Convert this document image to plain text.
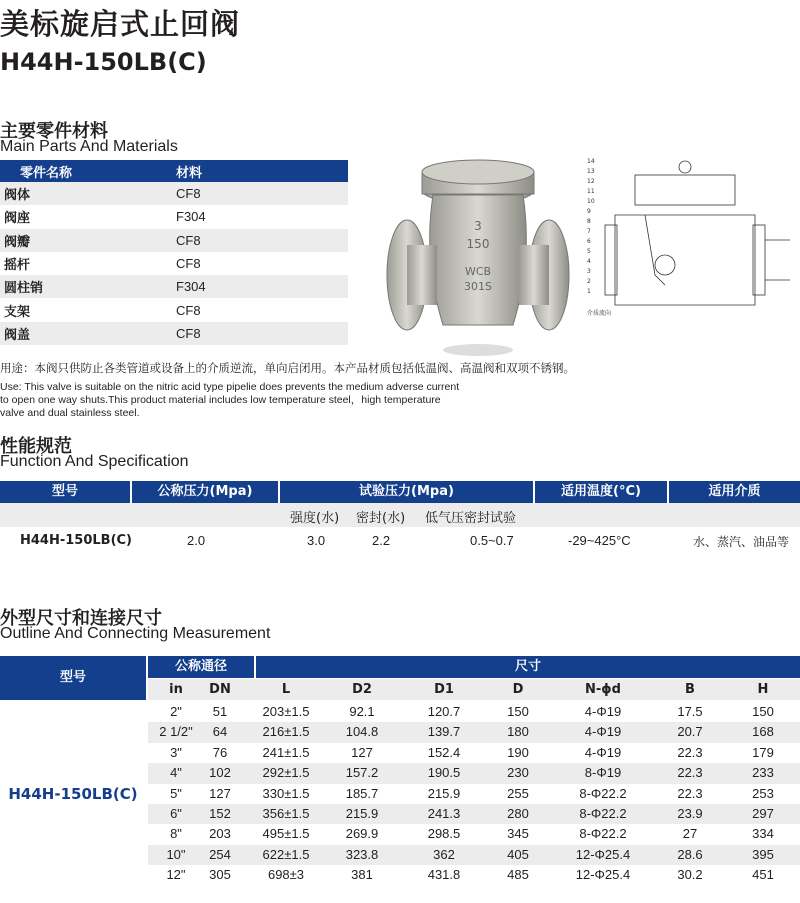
美标旋启式止回阀
H44H-150LB(C)
主要零件材料
Main Parts And Materials
零件名称	材料
阀体	CF8
阀座	F304
阀瓣	CF8
摇杆	CF8
圆柱销	F304
支架	CF8
阀盖	CF8
3
150
WCB
301S
14
13
12
11
10
9
8
7
6
5
4
3
2
1
介质流向
用途：本阀只供防止各类管道或设备上的介质逆流，单向启闭用。本产品材质包括低温阀、高温阀和双项不锈钢。
Use: This valve is suitable on the nitric acid type pipelie does prevents the medium adverse current to open one way shuts.This product material includes low temperature steel，high temperature valve and dual stainless steel.
性能规范
Function And Specification
型号	公称压力(Mpa)	试验压力(Mpa)	适用温度(°C)	适用介质
强度(水) 密封(水) 低气压密封试验
H44H-150LB(C)	2.0	3.0	2.2	0.5~0.7	-29~425°C	水、蒸汽、油品等
外型尺寸和连接尺寸
Outline And Connecting Measurement
型号
公称通径	尺寸
in	DN	L	D2	D1	D	N-ϕd	B	H
H44H-150LB(C)
2"	51	203±1.5	92.1	120.7	150	4-Φ19	17.5	150
2 1/2"	64	216±1.5	104.8	139.7	180	4-Φ19	20.7	168
3"	76	241±1.5	127	152.4	190	4-Φ19	22.3	179
4"	102	292±1.5	157.2	190.5	230	8-Φ19	22.3	233
5"	127	330±1.5	185.7	215.9	255	8-Φ22.2	22.3	253
6"	152	356±1.5	215.9	241.3	280	8-Φ22.2	23.9	297
8"	203	495±1.5	269.9	298.5	345	8-Φ22.2	27	334
10"	254	622±1.5	323.8	362	405	12-Φ25.4	28.6	395
12"	305	698±3	381	431.8	485	12-Φ25.4	30.2	451
